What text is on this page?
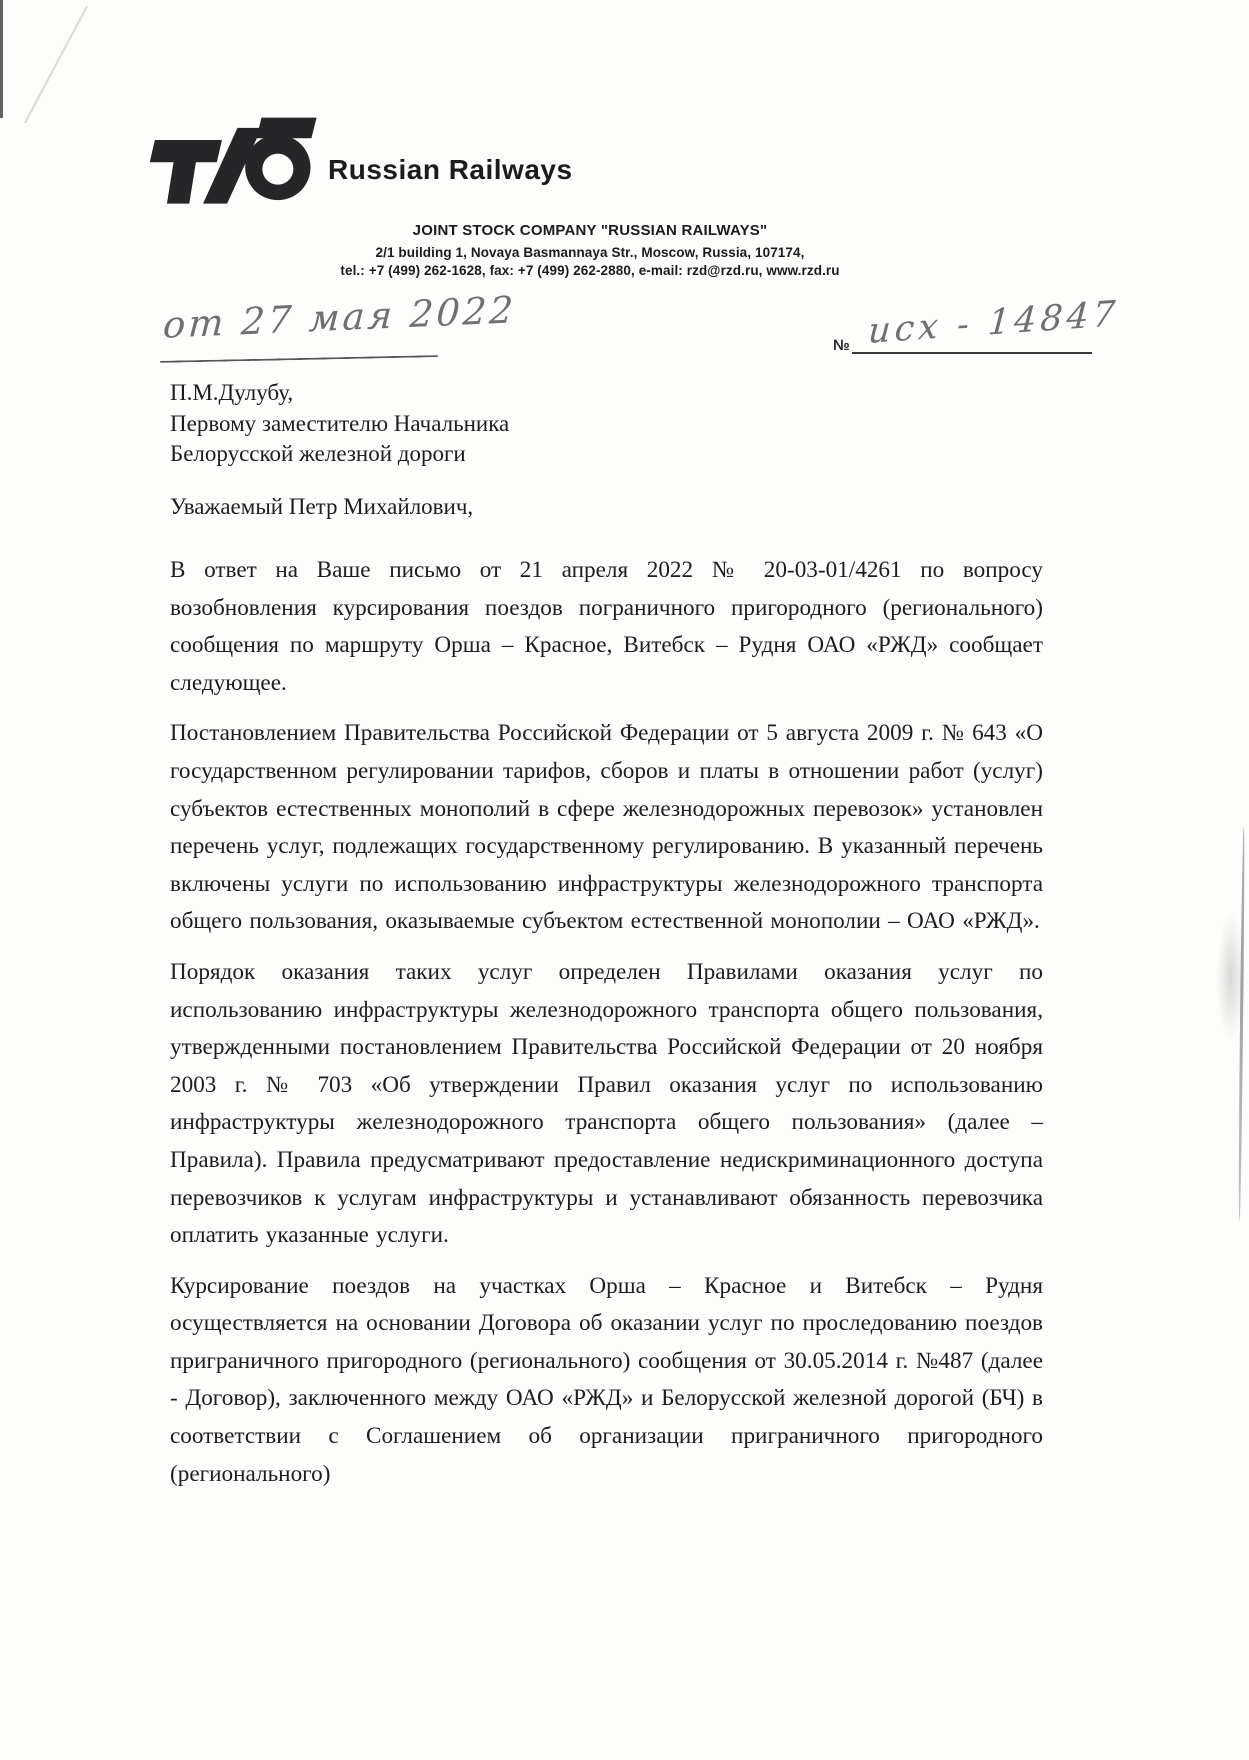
Russian Railways
JOINT STOCK COMPANY "RUSSIAN RAILWAYS"
2/1 building 1, Novaya Basmannaya Str., Moscow, Russia, 107174,
tel.: +7 (499) 262-1628, fax: +7 (499) 262-2880, e-mail: rzd@rzd.ru, www.rzd.ru
от 27 мая 2022	№ исх - 14847
П.М.Дулубу,
Первому заместителю Начальника
Белорусской железной дороги
Уважаемый Петр Михайлович,

В ответ на Ваше письмо от 21 апреля 2022 № 20-03-01/4261 по вопросу возобновления курсирования поездов пограничного пригородного (регионального) сообщения по маршруту Орша – Красное, Витебск – Рудня ОАО «РЖД» сообщает следующее.

Постановлением Правительства Российской Федерации от 5 августа 2009 г. № 643 «О государственном регулировании тарифов, сборов и платы в отношении работ (услуг) субъектов естественных монополий в сфере железнодорожных перевозок» установлен перечень услуг, подлежащих государственному регулированию. В указанный перечень включены услуги по использованию инфраструктуры железнодорожного транспорта общего пользования, оказываемые субъектом естественной монополии – ОАО «РЖД».

Порядок оказания таких услуг определен Правилами оказания услуг по использованию инфраструктуры железнодорожного транспорта общего пользования, утвержденными постановлением Правительства Российской Федерации от 20 ноября 2003 г. № 703 «Об утверждении Правил оказания услуг по использованию инфраструктуры железнодорожного транспорта общего пользования» (далее – Правила). Правила предусматривают предоставление недискриминационного доступа перевозчиков к услугам инфраструктуры и устанавливают обязанность перевозчика оплатить указанные услуги.

Курсирование поездов на участках Орша – Красное и Витебск – Рудня осуществляется на основании Договора об оказании услуг по проследованию поездов приграничного пригородного (регионального) сообщения от 30.05.2014 г. №487 (далее - Договор), заключенного между ОАО «РЖД» и Белорусской железной дорогой (БЧ) в соответствии с Соглашением об организации приграничного пригородного (регионального)
